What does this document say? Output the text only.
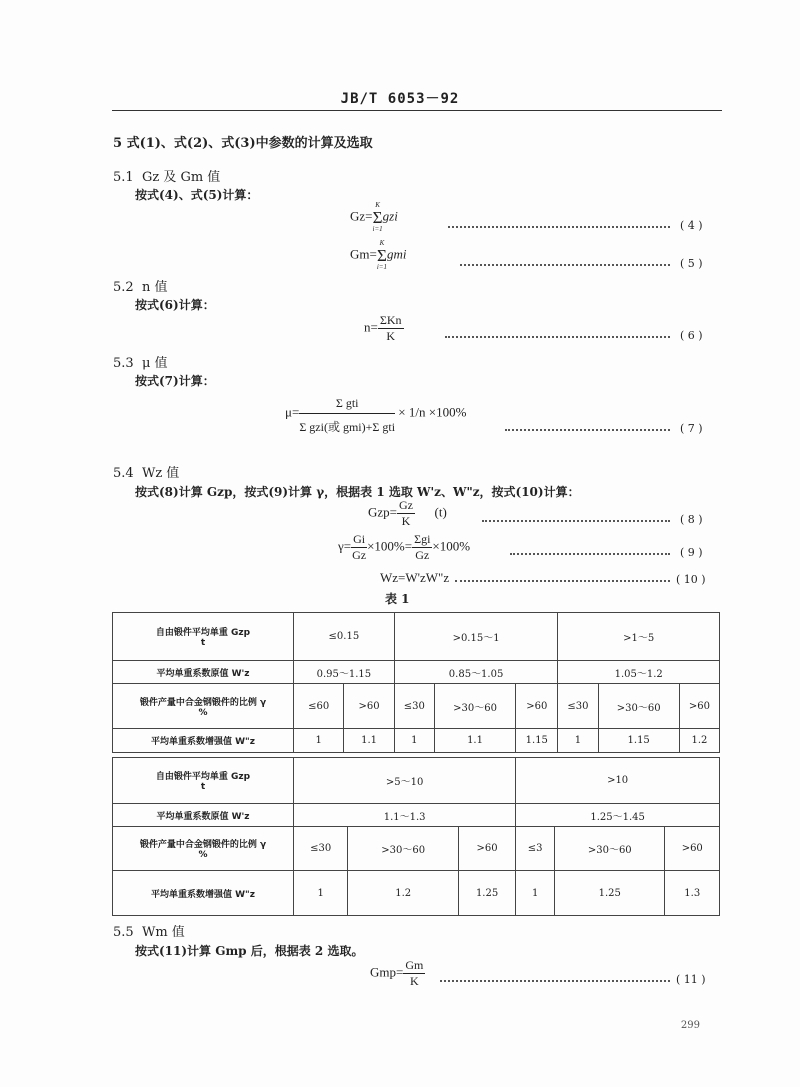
JB/T 6053－92
5 式(1)、式(2)、式(3)中参数的计算及选取
5.1 Gz 及 Gm 值
按式(4)、式(5)计算：
Gz=
K
Σ
i=1
gzi
( 4 )
Gm=
K
Σ
i=1
gmi
( 5 )
5.2 n 值
按式(6)计算：
$n= \frac{\text{ΣKn}}{K}$	( 6 )
5.3 μ 值
按式(7)计算：
$\mu= \frac{\text{Σ gti}}{\text{Σ gzi(或 gmi)+Σ gti}} \times 1/n \times 100\%$
( 7 )
5.4 Wz 值
按式(8)计算 Gzp，按式(9)计算 γ，根据表 1 选取 W'z、W"z，按式(10)计算：
$Gzp= \frac{Gz}{K} (t)$
( 8 )
$\gamma= \frac{Gi}{Gz} \times 100\%= \frac{\text{Σgi}}{Gz} \times 100\%$	( 9 )
Wz=W'zW"z	( 10 )
表 1
自由锻件平均单重 Gzp
t	≤0.15		>0.15～1			>1～5		
平均单重系数原值 W'z	0.95～1.15		0.85～1.05			1.05～1.2		
锻件产量中合金钢锻件的比例 γ
%	≤60	>60	≤30	>30～60	>60	≤30	>30～60	>60
平均单重系数增强值 W"z	1	1.1	1	1.1	1.15	1	1.15	1.2
自由锻件平均单重 Gzp
t	>5～10			>10		
平均单重系数原值 W'z	1.1～1.3			1.25～1.45		
锻件产量中合金钢锻件的比例 γ
%	≤30	>30～60	>60	≤3	>30～60	>60
平均单重系数增强值 W"z	1	1.2	1.25	1	1.25	1.3
5.5 Wm 值
按式(11)计算 Gmp 后，根据表 2 选取。
$Gmp= \frac{Gm}{K}$	( 11 )
299
